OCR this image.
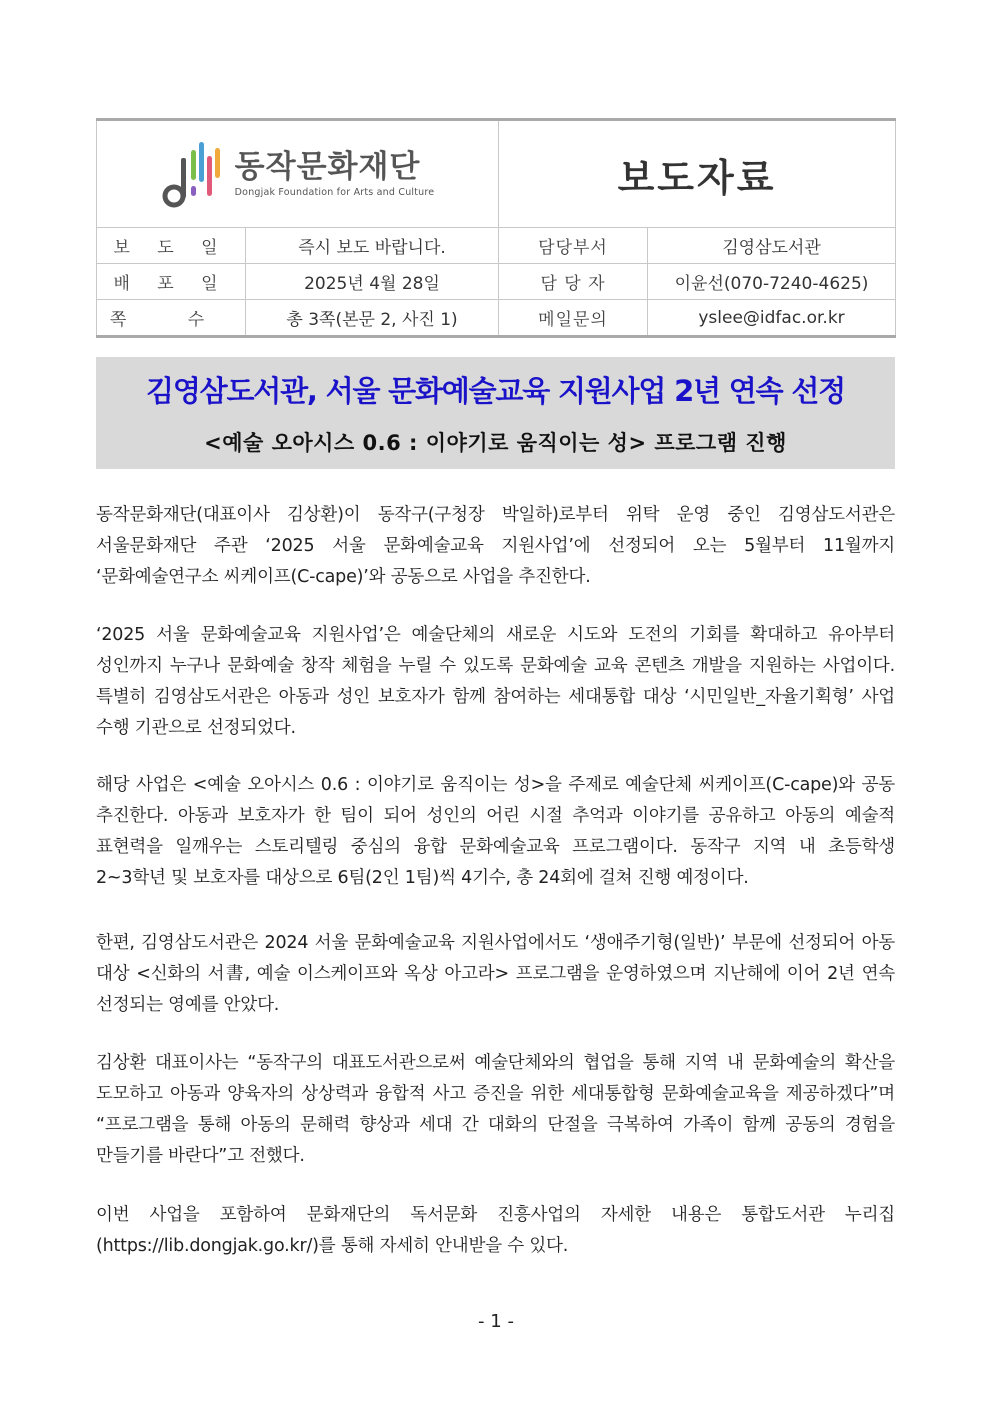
동작문화재단
Dongjak Foundation for Arts and Culture		보도자료	
보 도 일	즉시 보도 바랍니다.	담당부서	김영삼도서관
배 포 일	2025년 4월 28일	담 당 자	이윤선(070-7240-4625)
쪽 수	총 3쪽(본문 2, 사진 1)	메일문의	yslee@idfac.or.kr
김영삼도서관, 서울 문화예술교육 지원사업 2년 연속 선정
<예술 오아시스 0.6 : 이야기로 움직이는 성> 프로그램 진행

동작문화재단(대표이사 김상환)이 동작구(구청장 박일하)로부터 위탁 운영 중인 김영삼도서관은 서울문화재단 주관 ‘2025 서울 문화예술교육 지원사업’에 선정되어 오는 5월부터 11월까지 ‘문화예술연구소 씨케이프(C-cape)’와 공동으로 사업을 추진한다.

‘2025 서울 문화예술교육 지원사업’은 예술단체의 새로운 시도와 도전의 기회를 확대하고 유아부터 성인까지 누구나 문화예술 창작 체험을 누릴 수 있도록 문화예술 교육 콘텐츠 개발을 지원하는 사업이다. 특별히 김영삼도서관은 아동과 성인 보호자가 함께 참여하는 세대통합 대상 ‘시민일반_자율기획형’ 사업 수행 기관으로 선정되었다.

해당 사업은 <예술 오아시스 0.6 : 이야기로 움직이는 성>을 주제로 예술단체 씨케이프(C-cape)와 공동 추진한다. 아동과 보호자가 한 팀이 되어 성인의 어린 시절 추억과 이야기를 공유하고 아동의 예술적 표현력을 일깨우는 스토리텔링 중심의 융합 문화예술교육 프로그램이다. 동작구 지역 내 초등학생 2~3학년 및 보호자를 대상으로 6팀(2인 1팀)씩 4기수, 총 24회에 걸쳐 진행 예정이다.

한편, 김영삼도서관은 2024 서울 문화예술교육 지원사업에서도 ‘생애주기형(일반)’ 부문에 선정되어 아동 대상 <신화의 서書, 예술 이스케이프와 옥상 아고라> 프로그램을 운영하였으며 지난해에 이어 2년 연속 선정되는 영예를 안았다.

김상환 대표이사는 “동작구의 대표도서관으로써 예술단체와의 협업을 통해 지역 내 문화예술의 확산을 도모하고 아동과 양육자의 상상력과 융합적 사고 증진을 위한 세대통합형 문화예술교육을 제공하겠다”며 “프로그램을 통해 아동의 문해력 향상과 세대 간 대화의 단절을 극복하여 가족이 함께 공동의 경험을 만들기를 바란다”고 전했다.

이번 사업을 포함하여 문화재단의 독서문화 진흥사업의 자세한 내용은 통합도서관 누리집(https://lib.dongjak.go.kr/)를 통해 자세히 안내받을 수 있다.

- 1 -
